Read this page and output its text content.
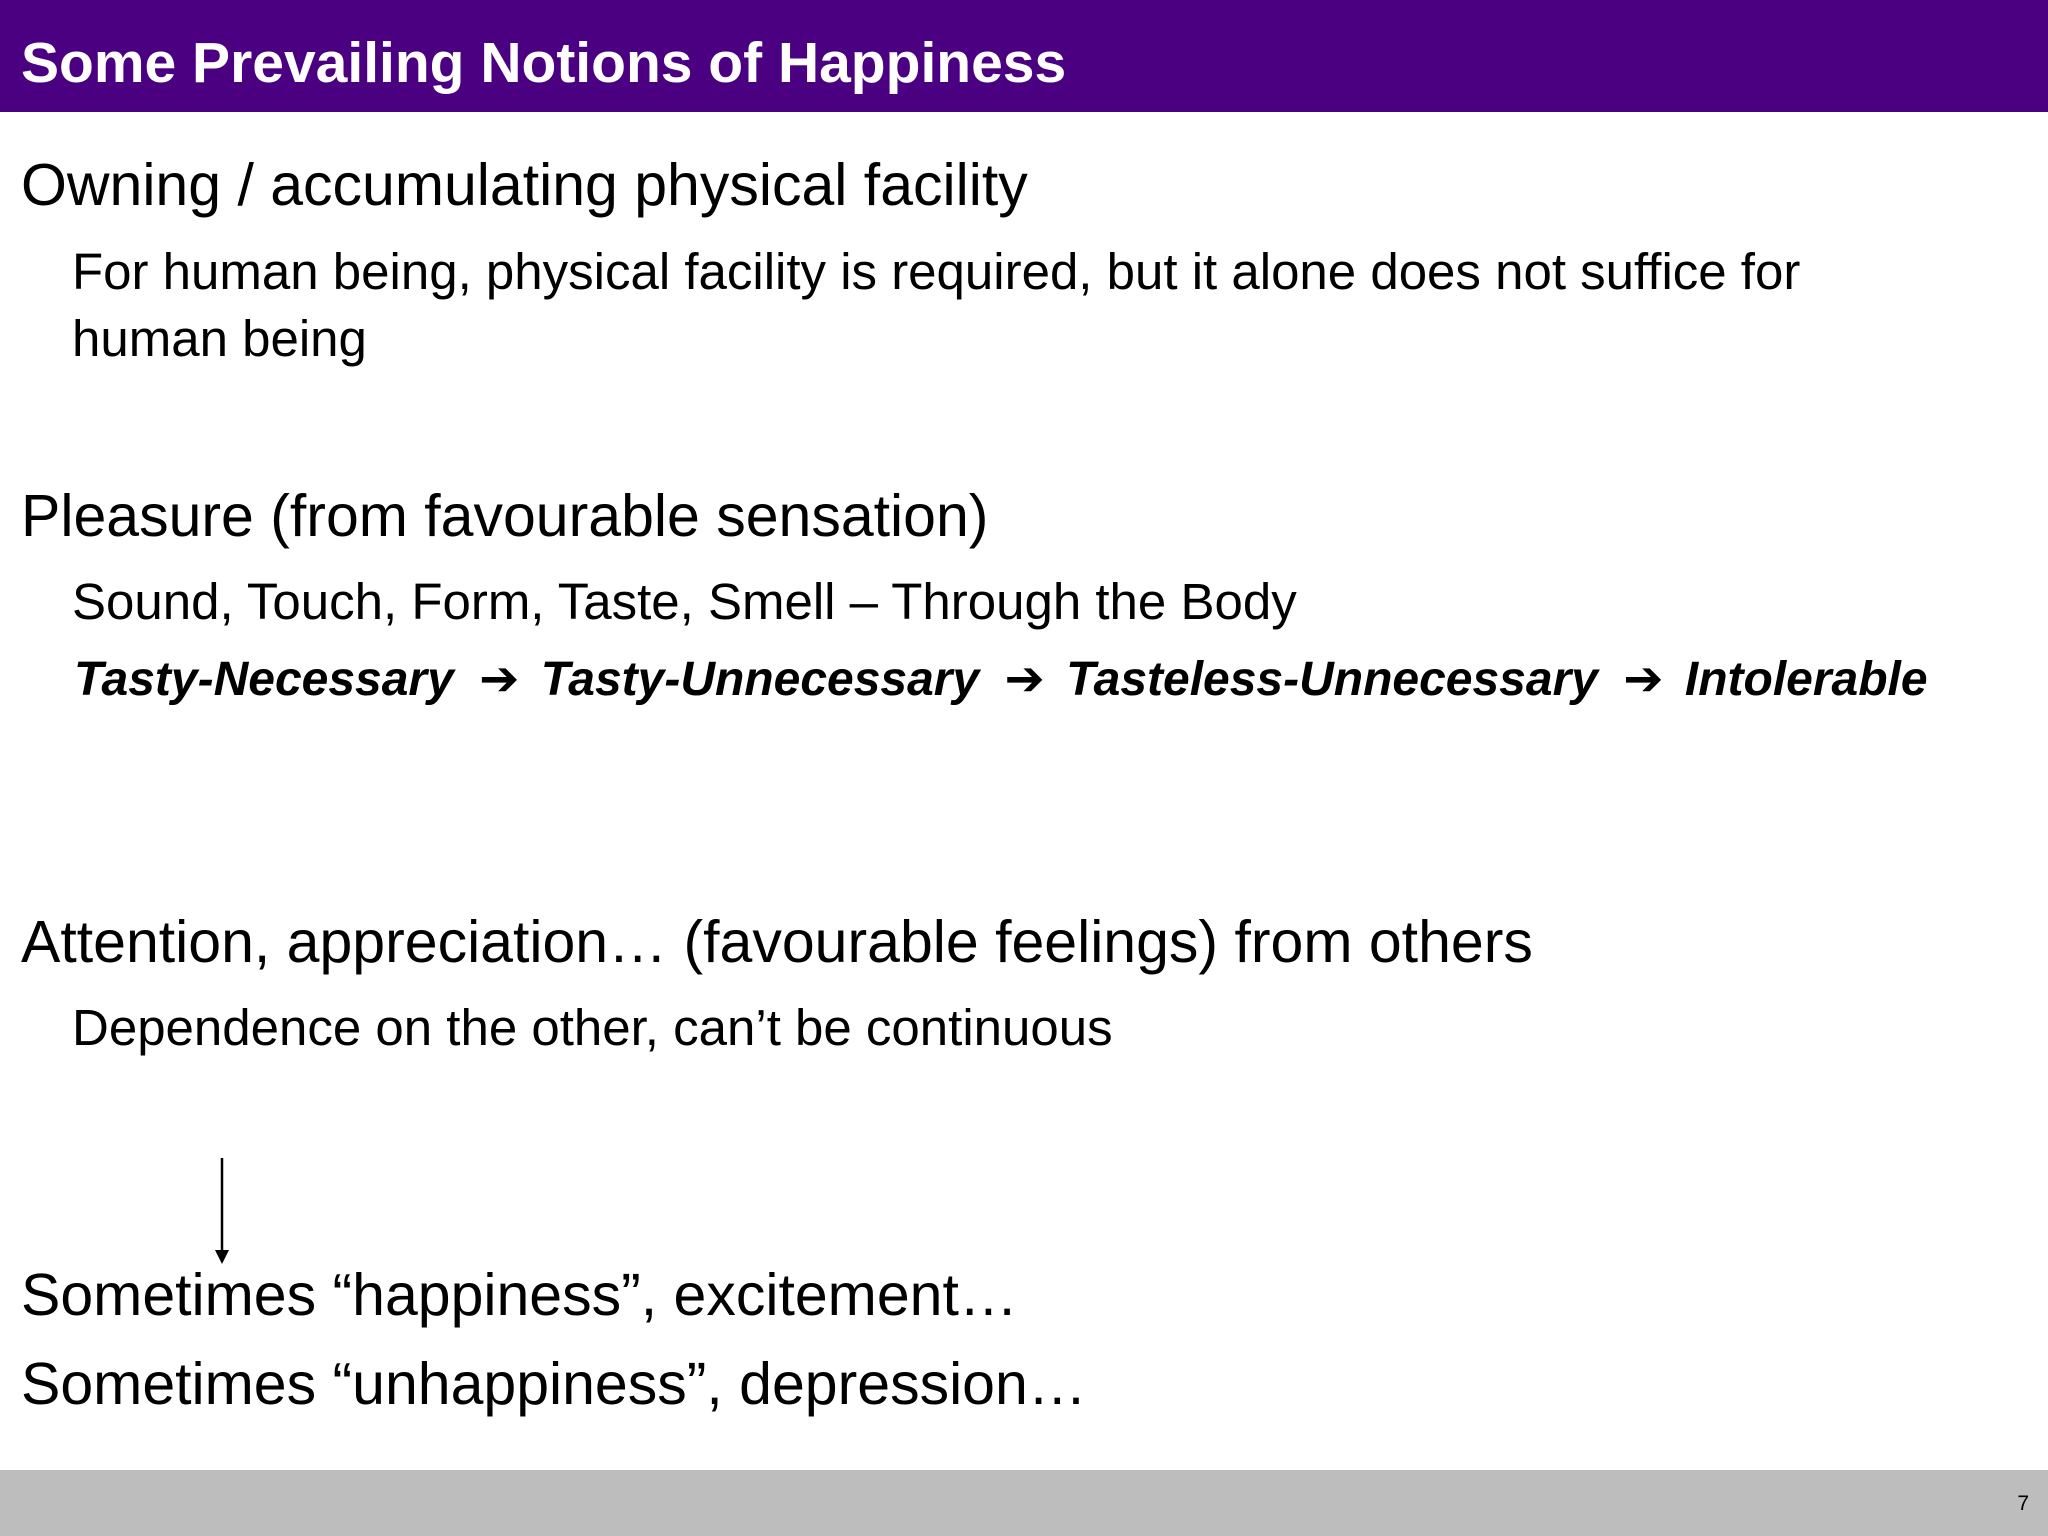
Some Prevailing Notions of Happiness
Owning / accumulating physical facility
For human being, physical facility is required, but it alone does not suffice for
human being
Pleasure (from favourable sensation)
Sound, Touch, Form, Taste, Smell – Through the Body
Tasty-Necessary ➔ Tasty-Unnecessary ➔ Tasteless-Unnecessary ➔ Intolerable
Attention, appreciation… (favourable feelings) from others
Dependence on the other, can’t be continuous
Sometimes “happiness”, excitement…
Sometimes “unhappiness”, depression…
7
